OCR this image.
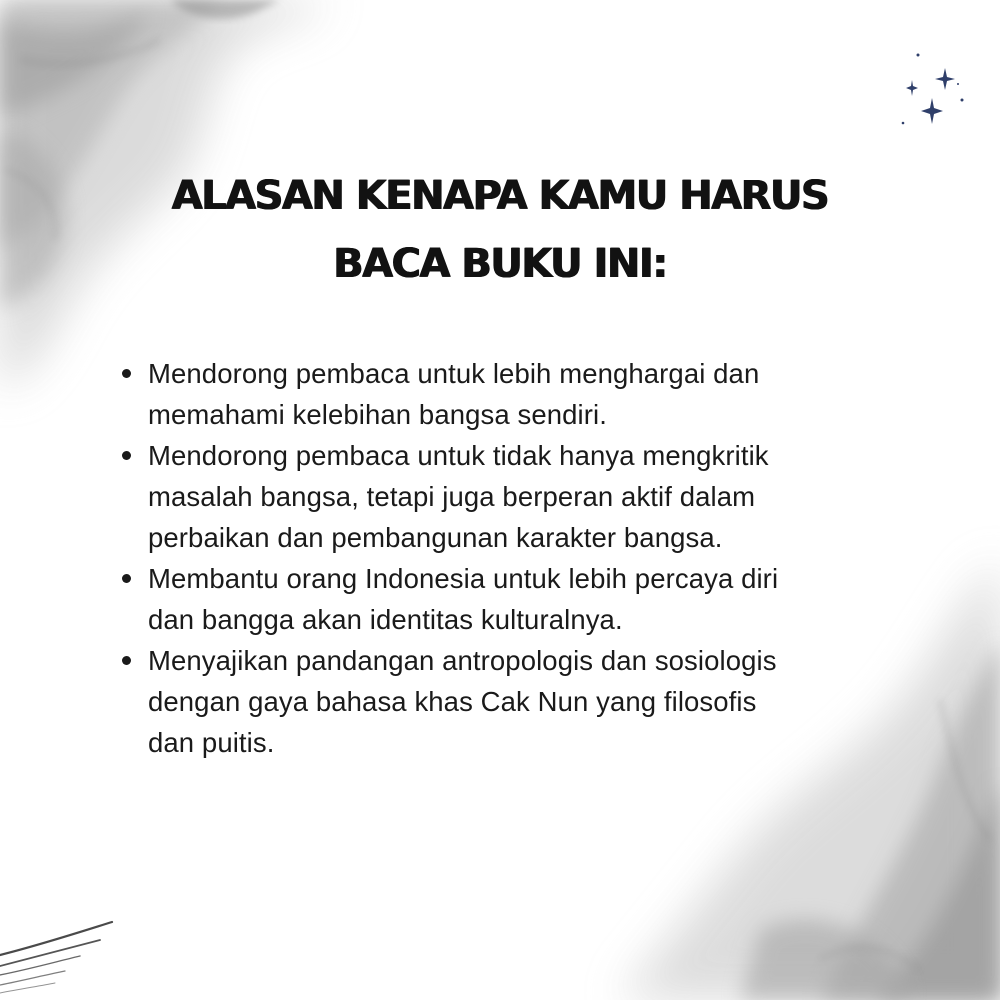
ALASAN KENAPA KAMU HARUS
BACA BUKU INI:
Mendorong pembaca untuk lebih menghargai dan
memahami kelebihan bangsa sendiri.
Mendorong pembaca untuk tidak hanya mengkritik
masalah bangsa, tetapi juga berperan aktif dalam
perbaikan dan pembangunan karakter bangsa.
Membantu orang Indonesia untuk lebih percaya diri
dan bangga akan identitas kulturalnya.
Menyajikan pandangan antropologis dan sosiologis
dengan gaya bahasa khas Cak Nun yang filosofis
dan puitis.
